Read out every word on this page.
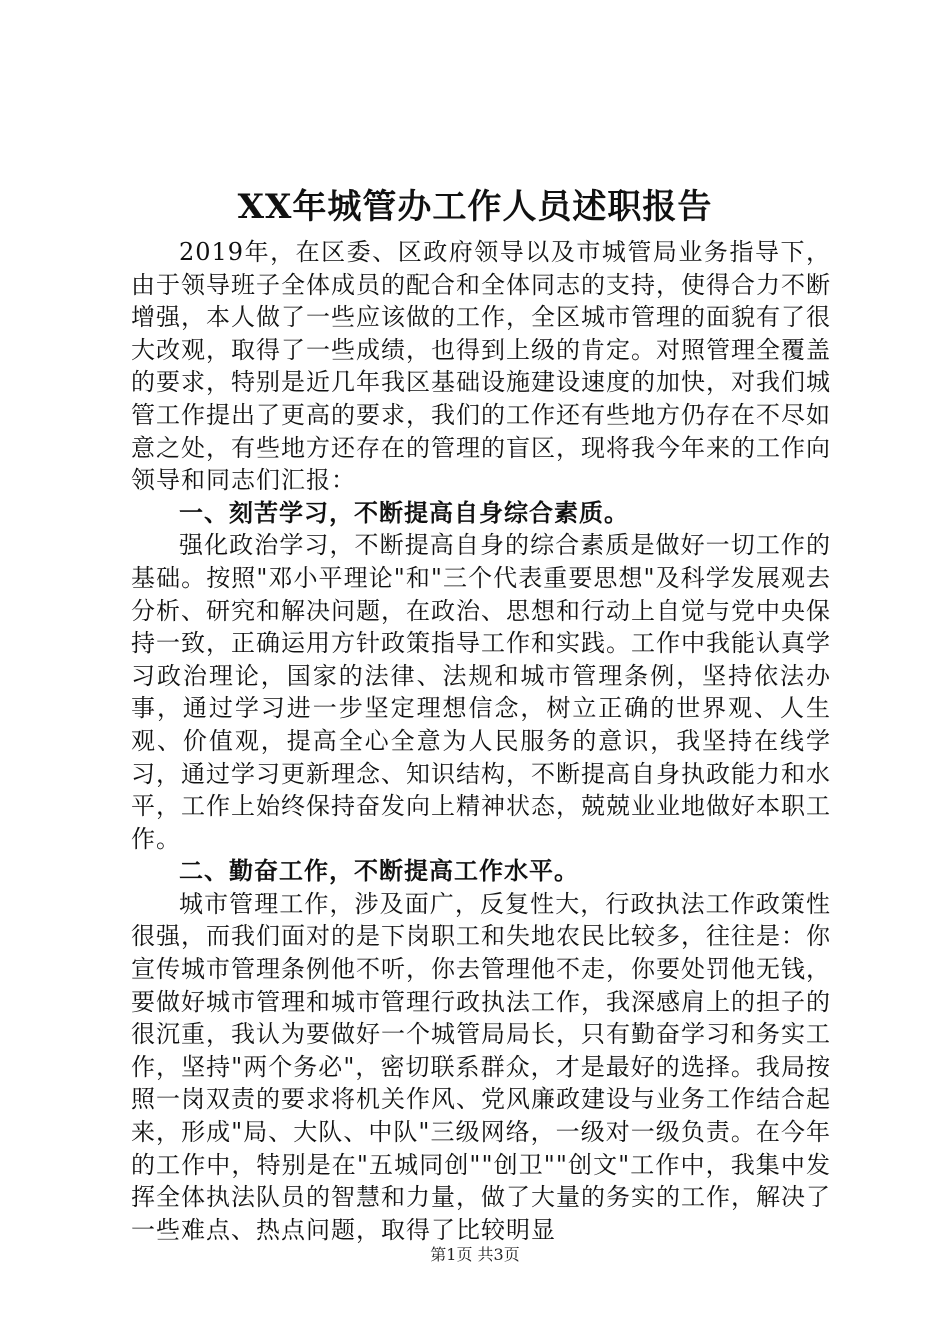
XX年城管办工作人员述职报告

2019年，在区委、区政府领导以及市城管局业务指导下，由于领导班子全体成员的配合和全体同志的支持，使得合力不断增强，本人做了一些应该做的工作，全区城市管理的面貌有了很大改观，取得了一些成绩，也得到上级的肯定。对照管理全覆盖的要求，特别是近几年我区基础设施建设速度的加快，对我们城管工作提出了更高的要求，我们的工作还有些地方仍存在不尽如意之处，有些地方还存在的管理的盲区，现将我今年来的工作向领导和同志们汇报：

一、刻苦学习，不断提高自身综合素质。

强化政治学习，不断提高自身的综合素质是做好一切工作的基础。按照"邓小平理论"和"三个代表重要思想"及科学发展观去分析、研究和解决问题，在政治、思想和行动上自觉与党中央保持一致，正确运用方针政策指导工作和实践。工作中我能认真学习政治理论，国家的法律、法规和城市管理条例，坚持依法办事，通过学习进一步坚定理想信念，树立正确的世界观、人生观、价值观，提高全心全意为人民服务的意识，我坚持在线学习，通过学习更新理念、知识结构，不断提高自身执政能力和水平，工作上始终保持奋发向上精神状态，兢兢业业地做好本职工作。

二、勤奋工作，不断提高工作水平。

城市管理工作，涉及面广，反复性大，行政执法工作政策性很强，而我们面对的是下岗职工和失地农民比较多，往往是：你宣传城市管理条例他不听，你去管理他不走，你要处罚他无钱，要做好城市管理和城市管理行政执法工作，我深感肩上的担子的很沉重，我认为要做好一个城管局局长，只有勤奋学习和务实工作，坚持"两个务必"，密切联系群众，才是最好的选择。我局按照一岗双责的要求将机关作风、党风廉政建设与业务工作结合起来，形成"局、大队、中队"三级网络，一级对一级负责。在今年的工作中，特别是在"五城同创""创卫""创文"工作中，我集中发挥全体执法队员的智慧和力量，做了大量的务实的工作，解决了一些难点、热点问题，取得了比较明显

第1页 共3页
